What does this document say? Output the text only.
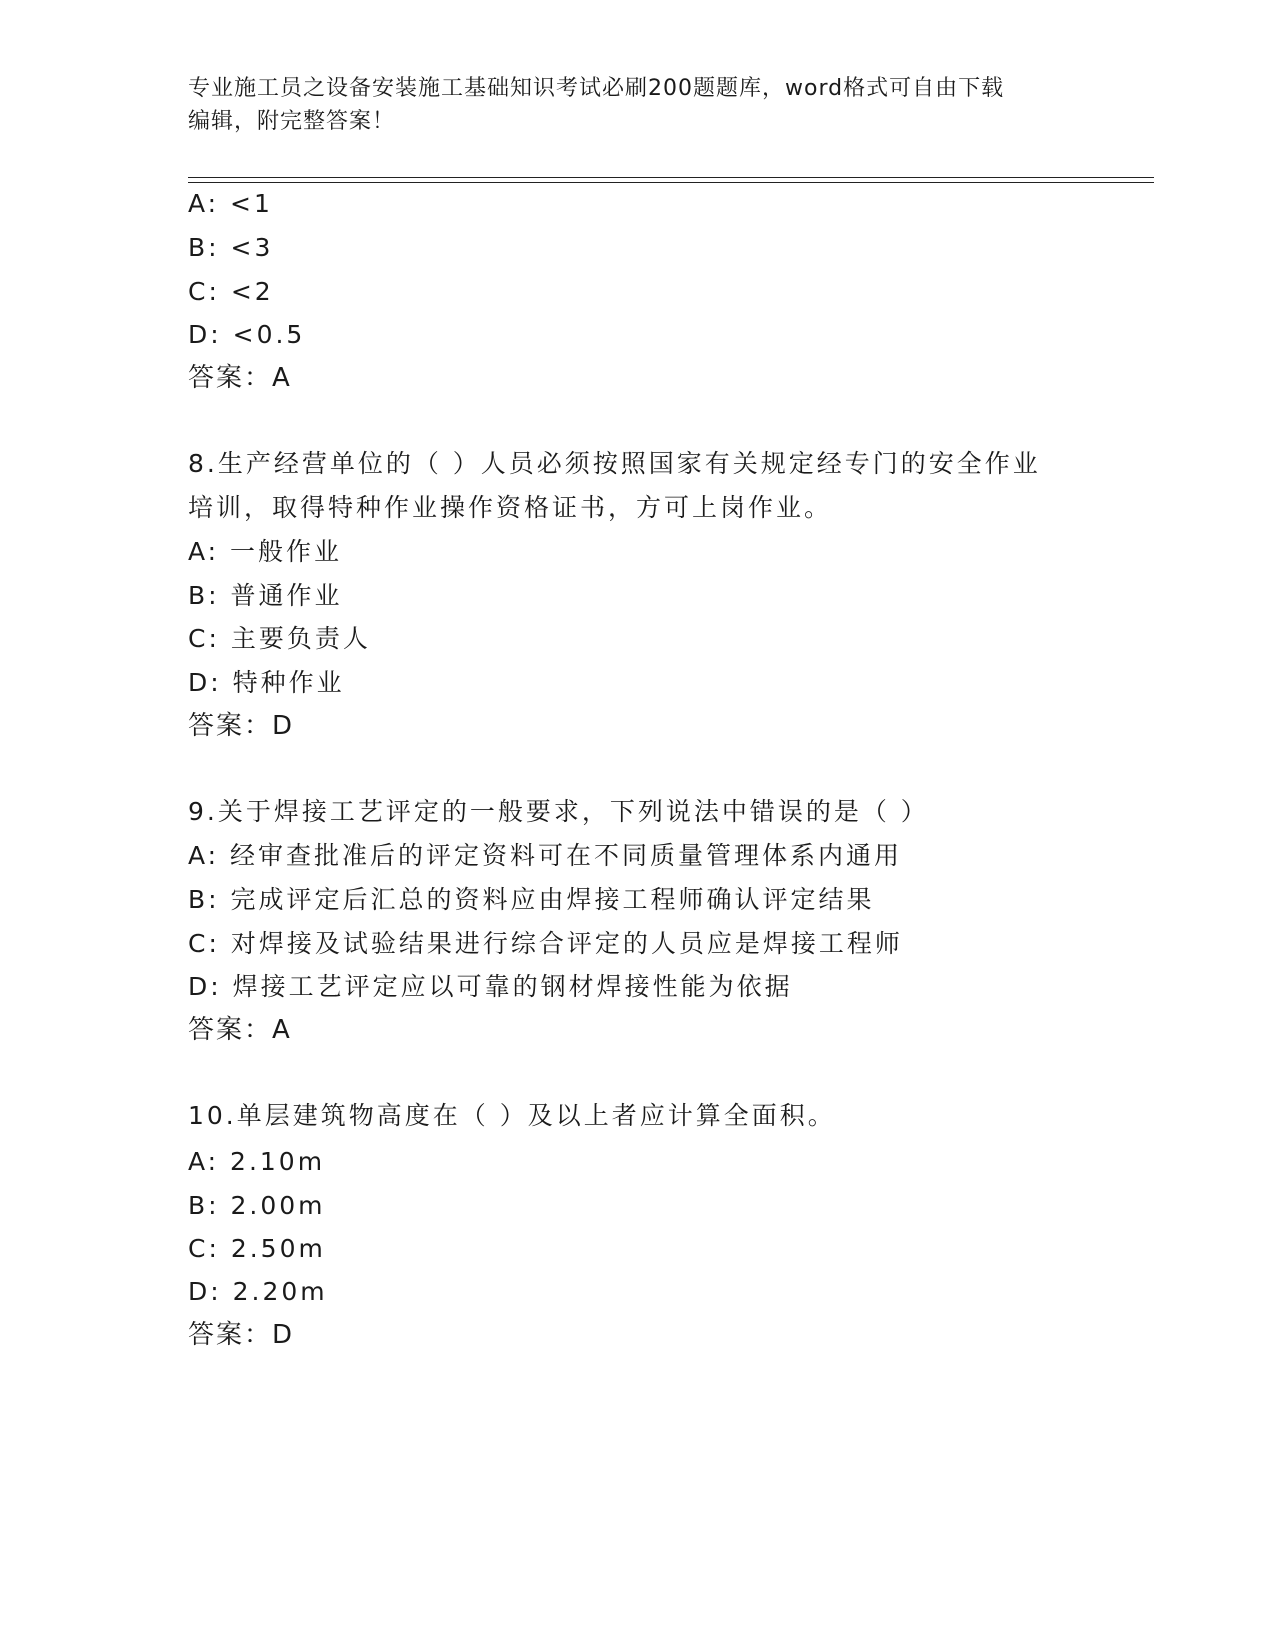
专业施工员之设备安装施工基础知识考试必刷200题题库，word格式可自由下载
编辑，附完整答案！
A: <1
B: <3
C: <2
D: <0.5
答案：A
8.生产经营单位的（ ）人员必须按照国家有关规定经专门的安全作业
培训，取得特种作业操作资格证书，方可上岗作业。
A: 一般作业
B: 普通作业
C: 主要负责人
D: 特种作业
答案：D
9.关于焊接工艺评定的一般要求，下列说法中错误的是（ ）
A: 经审查批准后的评定资料可在不同质量管理体系内通用
B: 完成评定后汇总的资料应由焊接工程师确认评定结果
C: 对焊接及试验结果进行综合评定的人员应是焊接工程师
D: 焊接工艺评定应以可靠的钢材焊接性能为依据
答案：A
10.单层建筑物高度在（ ）及以上者应计算全面积。
A: 2.10m
B: 2.00m
C: 2.50m
D: 2.20m
答案：D
